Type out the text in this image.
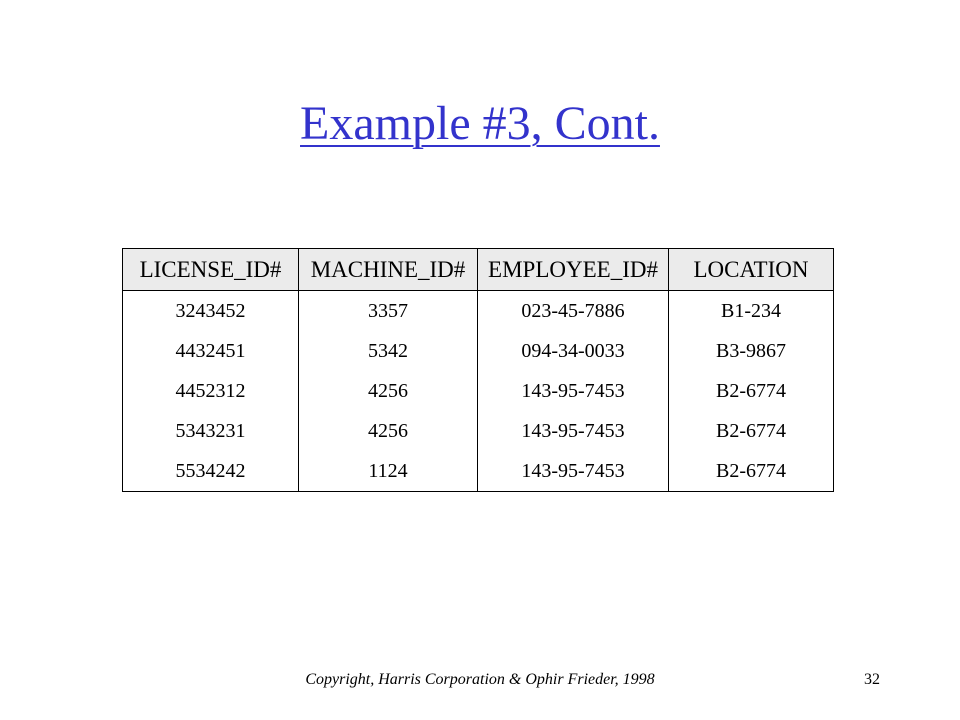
Example #3, Cont.
LICENSE_ID#	MACHINE_ID#	EMPLOYEE_ID#	LOCATION
3243452	3357	023-45-7886	B1-234
4432451	5342	094-34-0033	B3-9867
4452312	4256	143-95-7453	B2-6774
5343231	4256	143-95-7453	B2-6774
5534242	1124	143-95-7453	B2-6774
Copyright, Harris Corporation & Ophir Frieder, 1998	32
